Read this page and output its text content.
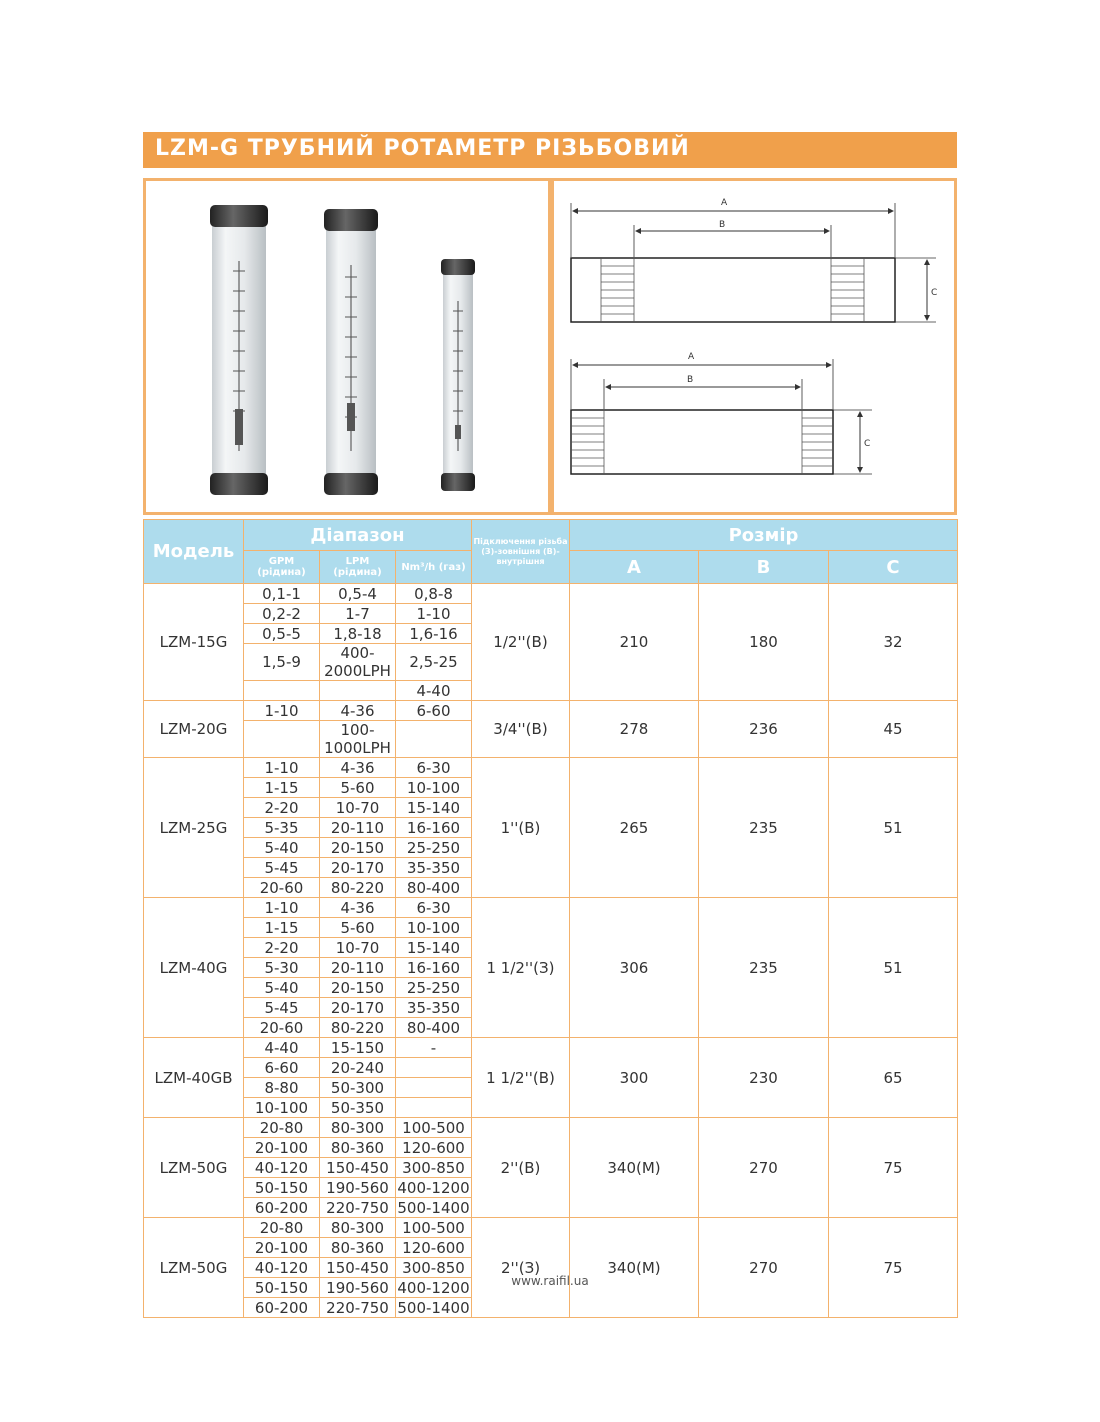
LZM-G ТРУБНИЙ РОТАМЕТР РІЗЬБОВИЙ
A
B
C
A
B
C
Модель	Діапазон			Підключення різьба (З)-зовнішня (В)-внутрішня	Розмір		
	GPM (рідина)	LPM (рідина)	Nm³/h (газ)		A	B	C
LZM-15G	0,1-1	0,5-4	0,8-8	1/2''(B)	210	180	32
	0,2-2	1-7	1-10				
	0,5-5	1,8-18	1,6-16				
	1,5-9	400-2000LPH	2,5-25				
			4-40				
LZM-20G	1-10	4-36	6-60	3/4''(B)	278	236	45
		100-1000LPH					
LZM-25G	1-10	4-36	6-30	1''(B)	265	235	51
	1-15	5-60	10-100				
	2-20	10-70	15-140				
	5-35	20-110	16-160				
	5-40	20-150	25-250				
	5-45	20-170	35-350				
	20-60	80-220	80-400				
LZM-40G	1-10	4-36	6-30	1 1/2''(З)	306	235	51
	1-15	5-60	10-100				
	2-20	10-70	15-140				
	5-30	20-110	16-160				
	5-40	20-150	25-250				
	5-45	20-170	35-350				
	20-60	80-220	80-400				
LZM-40GB	4-40	15-150	-	1 1/2''(B)	300	230	65
	6-60	20-240					
	8-80	50-300					
	10-100	50-350					
LZM-50G	20-80	80-300	100-500	2''(B)	340(M)	270	75
	20-100	80-360	120-600				
	40-120	150-450	300-850				
	50-150	190-560	400-1200				
	60-200	220-750	500-1400				
LZM-50G	20-80	80-300	100-500	2''(З)	340(M)	270	75
	20-100	80-360	120-600				
	40-120	150-450	300-850				
	50-150	190-560	400-1200				
	60-200	220-750	500-1400				
www.raifil.ua
